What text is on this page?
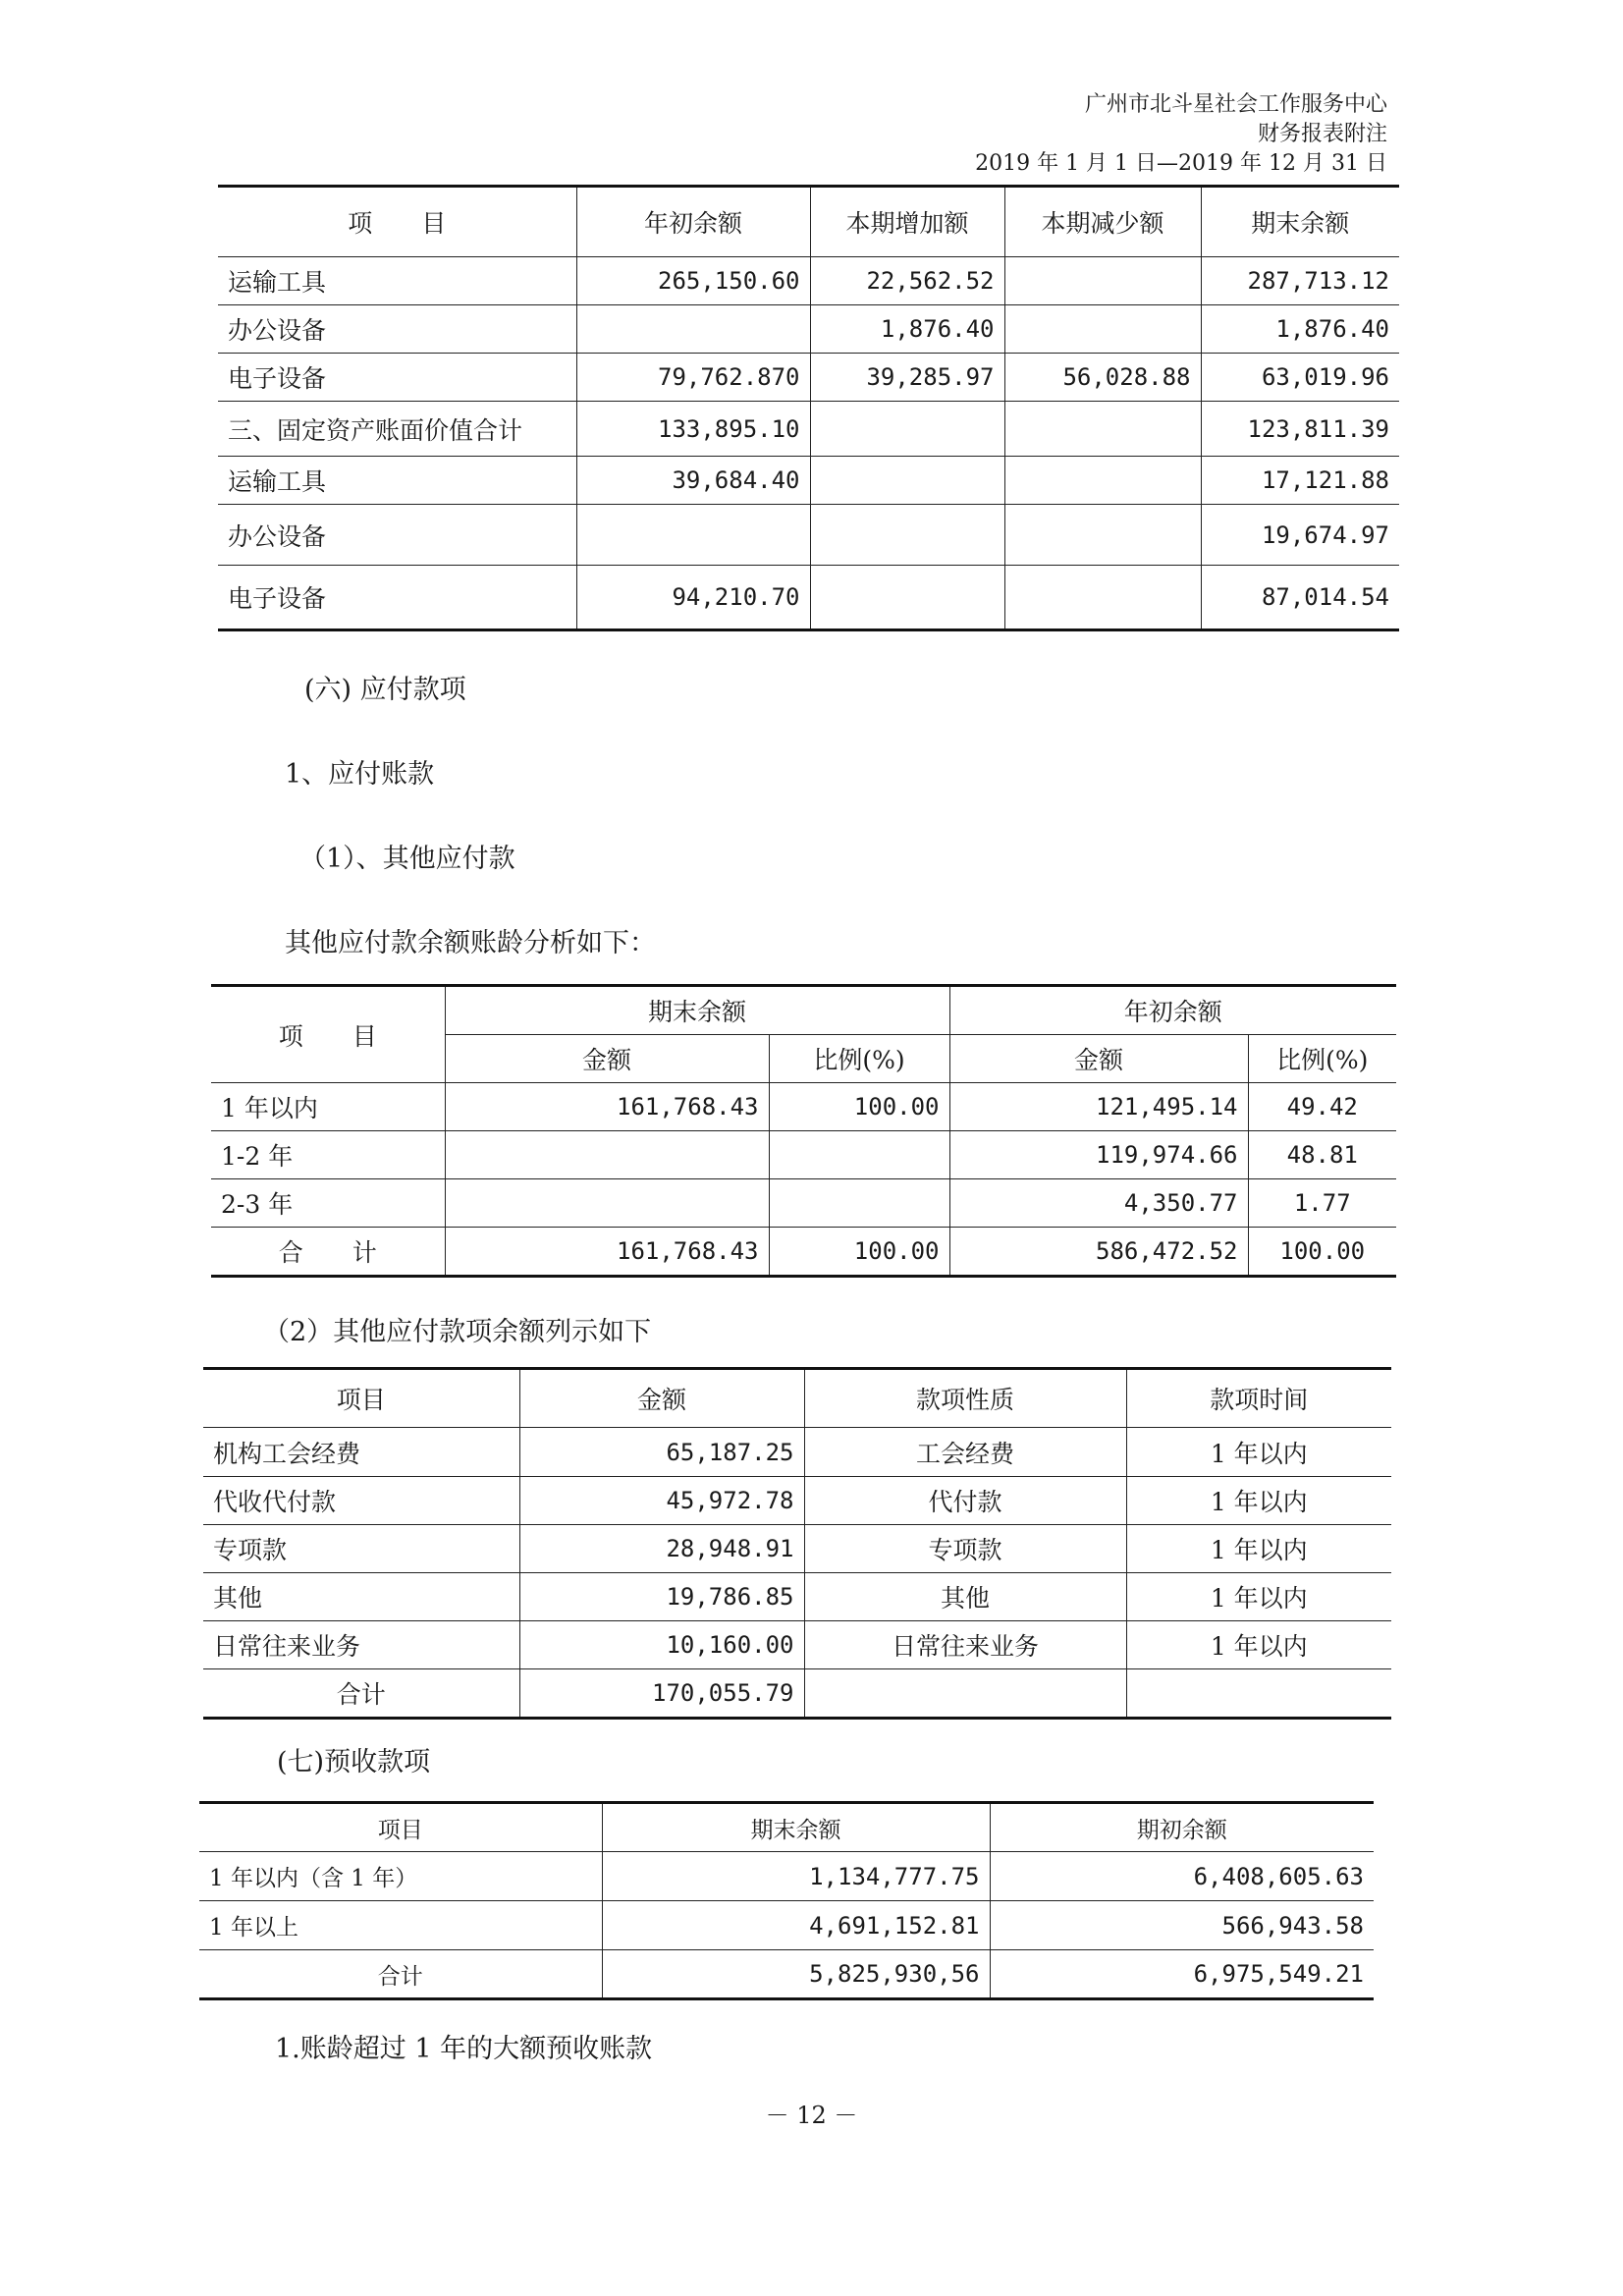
广州市北斗星社会工作服务中心
财务报表附注
2019 年 1 月 1 日—2019 年 12 月 31 日
项　　目	年初余额	本期增加额	本期减少额	期末余额
运输工具	265,150.60	22,562.52		287,713.12
办公设备		1,876.40		1,876.40
电子设备	79,762.870	39,285.97	56,028.88	63,019.96
三、固定资产账面价值合计	133,895.10			123,811.39
运输工具	39,684.40			17,121.88
办公设备				19,674.97
电子设备	94,210.70			87,014.54
(六) 应付款项
1、应付账款
（1）、其他应付款
其他应付款余额账龄分析如下：
项　　目	期末余额		年初余额	
	金额	比例(%)	金额	比例(%)
1 年以内	161,768.43	100.00	121,495.14	49.42
1-2 年			119,974.66	48.81
2-3 年			4,350.77	1.77
合　　计	161,768.43	100.00	586,472.52	100.00
（2）其他应付款项余额列示如下
项目	金额	款项性质	款项时间
机构工会经费	65,187.25	工会经费	1 年以内
代收代付款	45,972.78	代付款	1 年以内
专项款	28,948.91	专项款	1 年以内
其他	19,786.85	其他	1 年以内
日常往来业务	10,160.00	日常往来业务	1 年以内
合计	170,055.79		
(七)预收款项
项目	期末余额	期初余额
1 年以内（含 1 年）	1,134,777.75	6,408,605.63
1 年以上	4,691,152.81	566,943.58
合计	5,825,930,56	6,975,549.21
1.账龄超过 1 年的大额预收账款
－ 12 －
